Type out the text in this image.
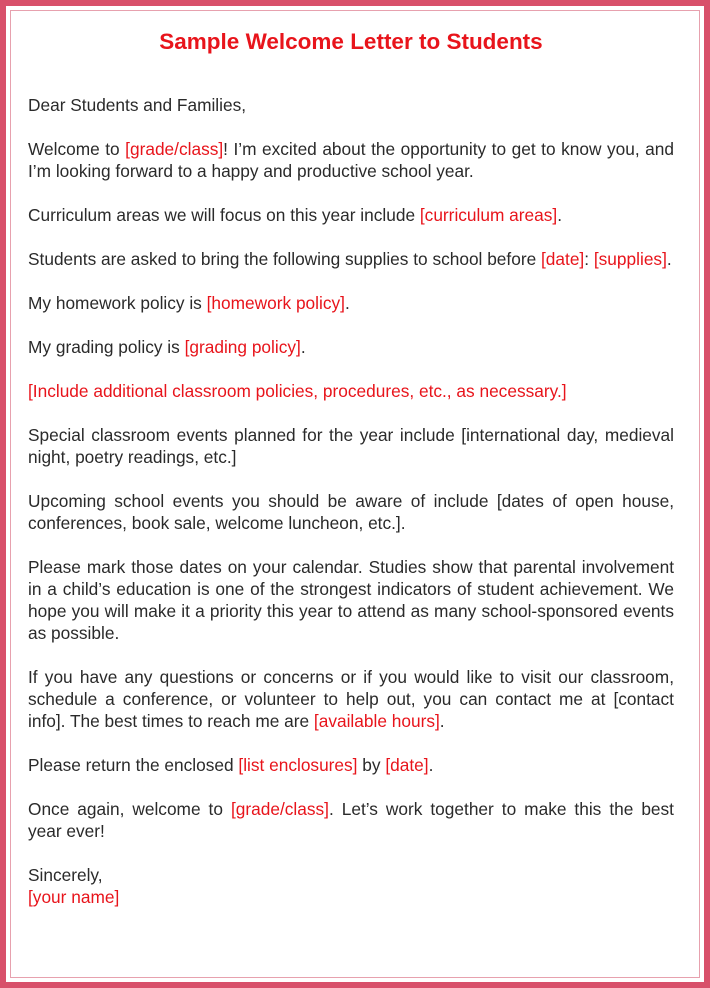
Sample Welcome Letter to Students

Dear Students and Families,

Welcome to [grade/class]! I’m excited about the opportunity to get to know you, and I’m looking forward to a happy and productive school year.

Curriculum areas we will focus on this year include [curriculum areas].

Students are asked to bring the following supplies to school before [date]: [supplies].

My homework policy is [homework policy].

My grading policy is [grading policy].

[Include additional classroom policies, procedures, etc., as necessary.]

Special classroom events planned for the year include [international day, medieval night, poetry readings, etc.]

Upcoming school events you should be aware of include [dates of open house, conferences, book sale, welcome luncheon, etc.].

Please mark those dates on your calendar. Studies show that parental involvement in a child’s education is one of the strongest indicators of student achievement. We hope you will make it a priority this year to attend as many school-sponsored events as possible.

If you have any questions or concerns or if you would like to visit our classroom, schedule a conference, or volunteer to help out, you can contact me at [contact info]. The best times to reach me are [available hours].

Please return the enclosed [list enclosures] by [date].

Once again, welcome to [grade/class]. Let’s work together to make this the best year ever!

Sincerely,

[your name]
